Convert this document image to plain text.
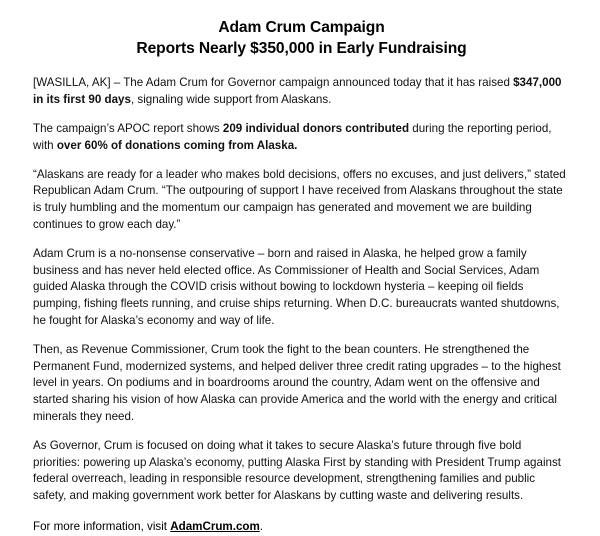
Adam Crum Campaign
Reports Nearly $350,000 in Early Fundraising

[WASILLA, AK] – The Adam Crum for Governor campaign announced today that it has raised $347,000 in its first 90 days, signaling wide support from Alaskans.

The campaign’s APOC report shows 209 individual donors contributed during the reporting period, with over 60% of donations coming from Alaska.

“Alaskans are ready for a leader who makes bold decisions, offers no excuses, and just delivers,” stated Republican Adam Crum. “The outpouring of support I have received from Alaskans throughout the state is truly humbling and the momentum our campaign has generated and movement we are building continues to grow each day.”

Adam Crum is a no-nonsense conservative – born and raised in Alaska, he helped grow a family business and has never held elected office. As Commissioner of Health and Social Services, Adam guided Alaska through the COVID crisis without bowing to lockdown hysteria – keeping oil fields pumping, fishing fleets running, and cruise ships returning. When D.C. bureaucrats wanted shutdowns, he fought for Alaska’s economy and way of life.

Then, as Revenue Commissioner, Crum took the fight to the bean counters. He strengthened the Permanent Fund, modernized systems, and helped deliver three credit rating upgrades – to the highest level in years. On podiums and in boardrooms around the country, Adam went on the offensive and started sharing his vision of how Alaska can provide America and the world with the energy and critical minerals they need.

As Governor, Crum is focused on doing what it takes to secure Alaska’s future through five bold priorities: powering up Alaska’s economy, putting Alaska First by standing with President Trump against federal overreach, leading in responsible resource development, strengthening families and public safety, and making government work better for Alaskans by cutting waste and delivering results.

For more information, visit AdamCrum.com.
